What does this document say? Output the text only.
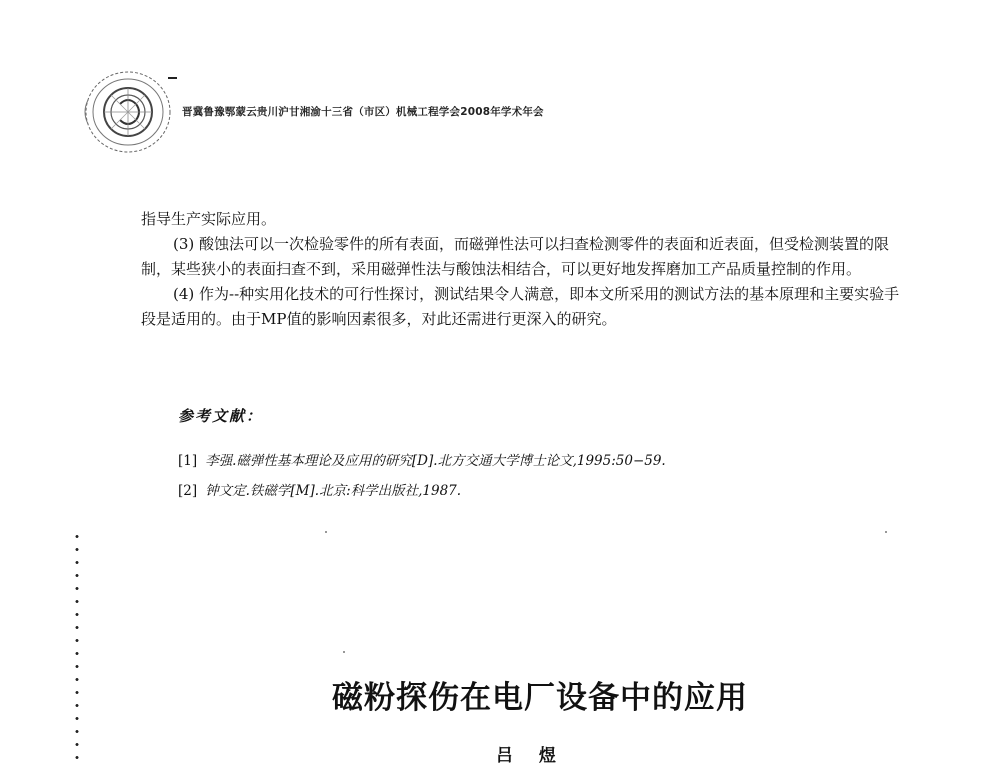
晋冀鲁豫鄂蒙云贵川沪甘湘渝十三省（市区）机械工程学会2008年学术年会

指导生产实际应用。

(3) 酸蚀法可以一次检验零件的所有表面，而磁弹性法可以扫查检测零件的表面和近表面，但受检测装置的限制，某些狭小的表面扫查不到，采用磁弹性法与酸蚀法相结合，可以更好地发挥磨加工产品质量控制的作用。

(4) 作为--种实用化技术的可行性探讨，测试结果令人满意，即本文所采用的测试方法的基本原理和主要实验手段是适用的。由于MP值的影响因素很多，对此还需进行更深入的研究。

参考文献：
[1] 李强.磁弹性基本理论及应用的研究[D].北方交通大学博士论文,1995:50−59.
[2] 钟文定.铁磁学[M].北京:科学出版社,1987.
磁粉探伤在电厂设备中的应用
吕 煜
